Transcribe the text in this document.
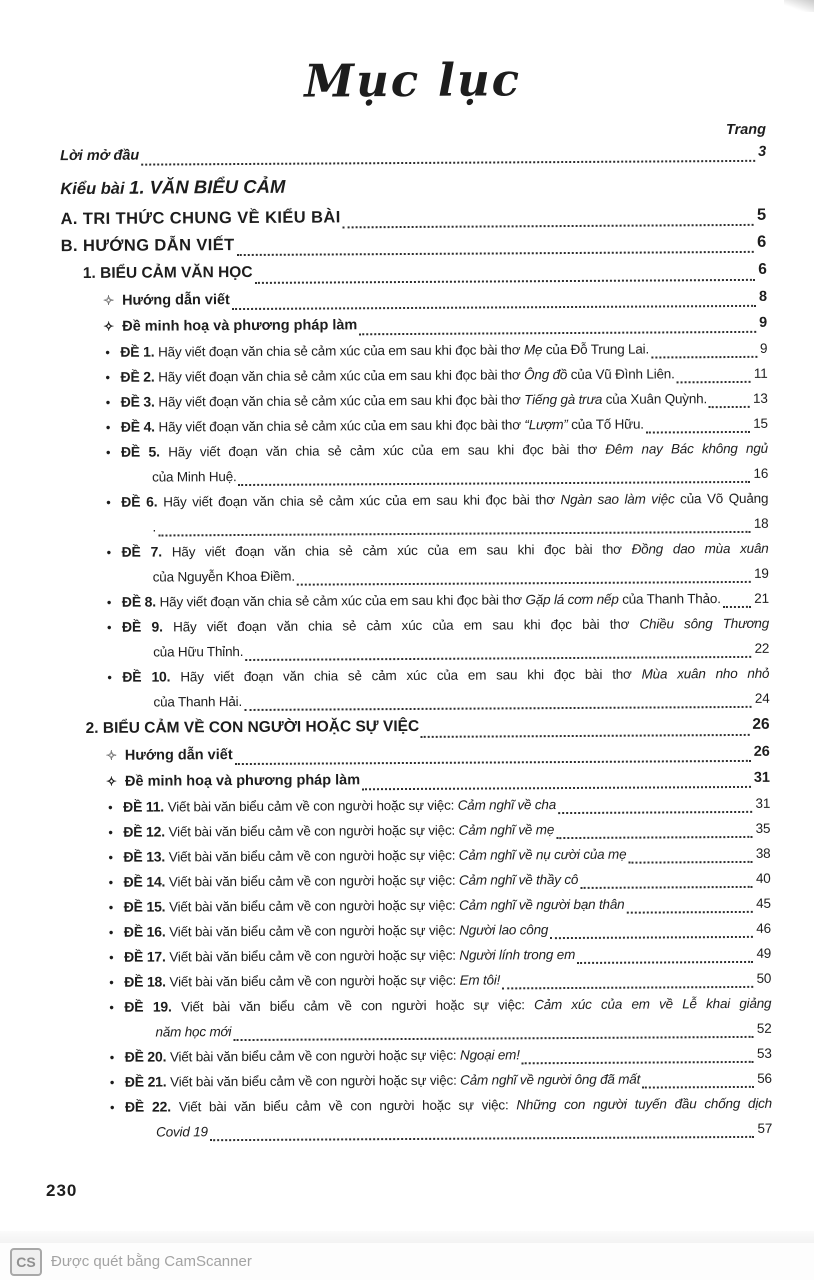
Mục lục
Trang
Lời mở đầu	3
Kiểu bài 1. VĂN BIỂU CẢM
A. TRI THỨC CHUNG VỀ KIỂU BÀI	5
B. HƯỚNG DẪN VIẾT	6
1. BIỂU CẢM VĂN HỌC	6
✧ Hướng dẫn viết	8
✧ Đề minh hoạ và phương pháp làm	9
• ĐỀ 1. Hãy viết đoạn văn chia sẻ cảm xúc của em sau khi đọc bài thơ Mẹ của Đỗ Trung Lai.	9
• ĐỀ 2. Hãy viết đoạn văn chia sẻ cảm xúc của em sau khi đọc bài thơ Ông đồ của Vũ Đình Liên.	11
• ĐỀ 3. Hãy viết đoạn văn chia sẻ cảm xúc của em sau khi đọc bài thơ Tiếng gà trưa của Xuân Quỳnh.	13
• ĐỀ 4. Hãy viết đoạn văn chia sẻ cảm xúc của em sau khi đọc bài thơ “Lượm” của Tố Hữu.	15
• ĐỀ 5. Hãy viết đoạn văn chia sẻ cảm xúc của em sau khi đọc bài thơ Đêm nay Bác không ngủ
của Minh Huệ.	16
• ĐỀ 6. Hãy viết đoạn văn chia sẻ cảm xúc của em sau khi đọc bài thơ Ngàn sao làm việc của Võ Quảng
.	18
• ĐỀ 7. Hãy viết đoạn văn chia sẻ cảm xúc của em sau khi đọc bài thơ Đồng dao mùa xuân
của Nguyễn Khoa Điềm.	19
• ĐỀ 8. Hãy viết đoạn văn chia sẻ cảm xúc của em sau khi đọc bài thơ Gặp lá cơm nếp của Thanh Thảo. 21
• ĐỀ 9. Hãy viết đoạn văn chia sẻ cảm xúc của em sau khi đọc bài thơ Chiều sông Thương
của Hữu Thỉnh.	22
• ĐỀ 10. Hãy viết đoạn văn chia sẻ cảm xúc của em sau khi đọc bài thơ Mùa xuân nho nhỏ
của Thanh Hải.	24
2. BIỂU CẢM VỀ CON NGƯỜI HOẶC SỰ VIỆC	26
✧ Hướng dẫn viết	26
✧ Đề minh hoạ và phương pháp làm	31
• ĐỀ 11. Viết bài văn biểu cảm về con người hoặc sự việc: Cảm nghĩ về cha	31
• ĐỀ 12. Viết bài văn biểu cảm về con người hoặc sự việc: Cảm nghĩ về mẹ	35
• ĐỀ 13. Viết bài văn biểu cảm về con người hoặc sự việc: Cảm nghĩ về nụ cười của mẹ	38
• ĐỀ 14. Viết bài văn biểu cảm về con người hoặc sự việc: Cảm nghĩ về thầy cô	40
• ĐỀ 15. Viết bài văn biểu cảm về con người hoặc sự việc: Cảm nghĩ về người bạn thân	45
• ĐỀ 16. Viết bài văn biểu cảm về con người hoặc sự việc: Người lao công	46
• ĐỀ 17. Viết bài văn biểu cảm về con người hoặc sự việc: Người lính trong em	49
• ĐỀ 18. Viết bài văn biểu cảm về con người hoặc sự việc: Em tôi!	50
• ĐỀ 19. Viết bài văn biểu cảm về con người hoặc sự việc: Cảm xúc của em về Lễ khai giảng
năm học mới	52
• ĐỀ 20. Viết bài văn biểu cảm về con người hoặc sự việc: Ngoại em!	53
• ĐỀ 21. Viết bài văn biểu cảm về con người hoặc sự việc: Cảm nghĩ về người ông đã mất	56
• ĐỀ 22. Viết bài văn biểu cảm về con người hoặc sự việc: Những con người tuyến đầu chống dịch
Covid 19	57
230
CS	Được quét bằng CamScanner
